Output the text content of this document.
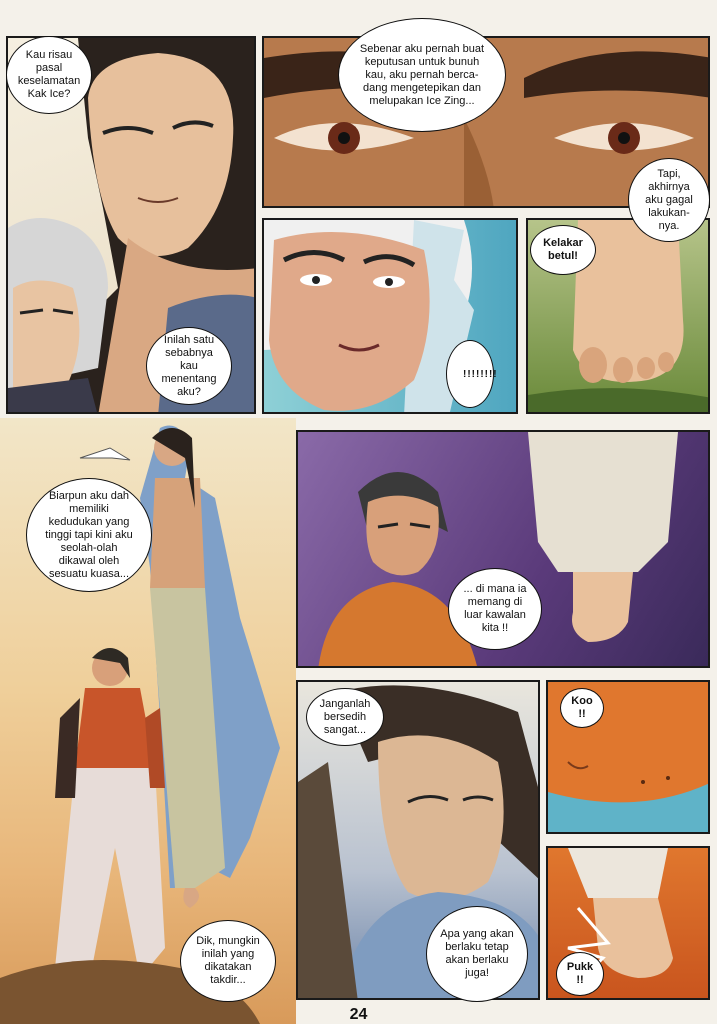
Kau risau pasal keselamatan Kak Ice?
Sebenar aku pernah buat keputusan untuk bunuh kau, aku pernah berca-dang mengetepikan dan melupakan Ice Zing...
Tapi, akhirnya aku gagal lakukan-nya.
Kelakar betul!
Inilah satu sebabnya kau menentang aku?
!!!!!!!!
Biarpun aku dah memiliki kedudukan yang tinggi tapi kini aku seolah-olah dikawal oleh sesuatu kuasa...
... di mana ia memang di luar kawalan kita !!
Janganlah bersedih sangat...
Koo !!
Dik, mungkin inilah yang dikatakan takdir...
Apa yang akan berlaku tetap akan berlaku juga!	Pukk !!
24
